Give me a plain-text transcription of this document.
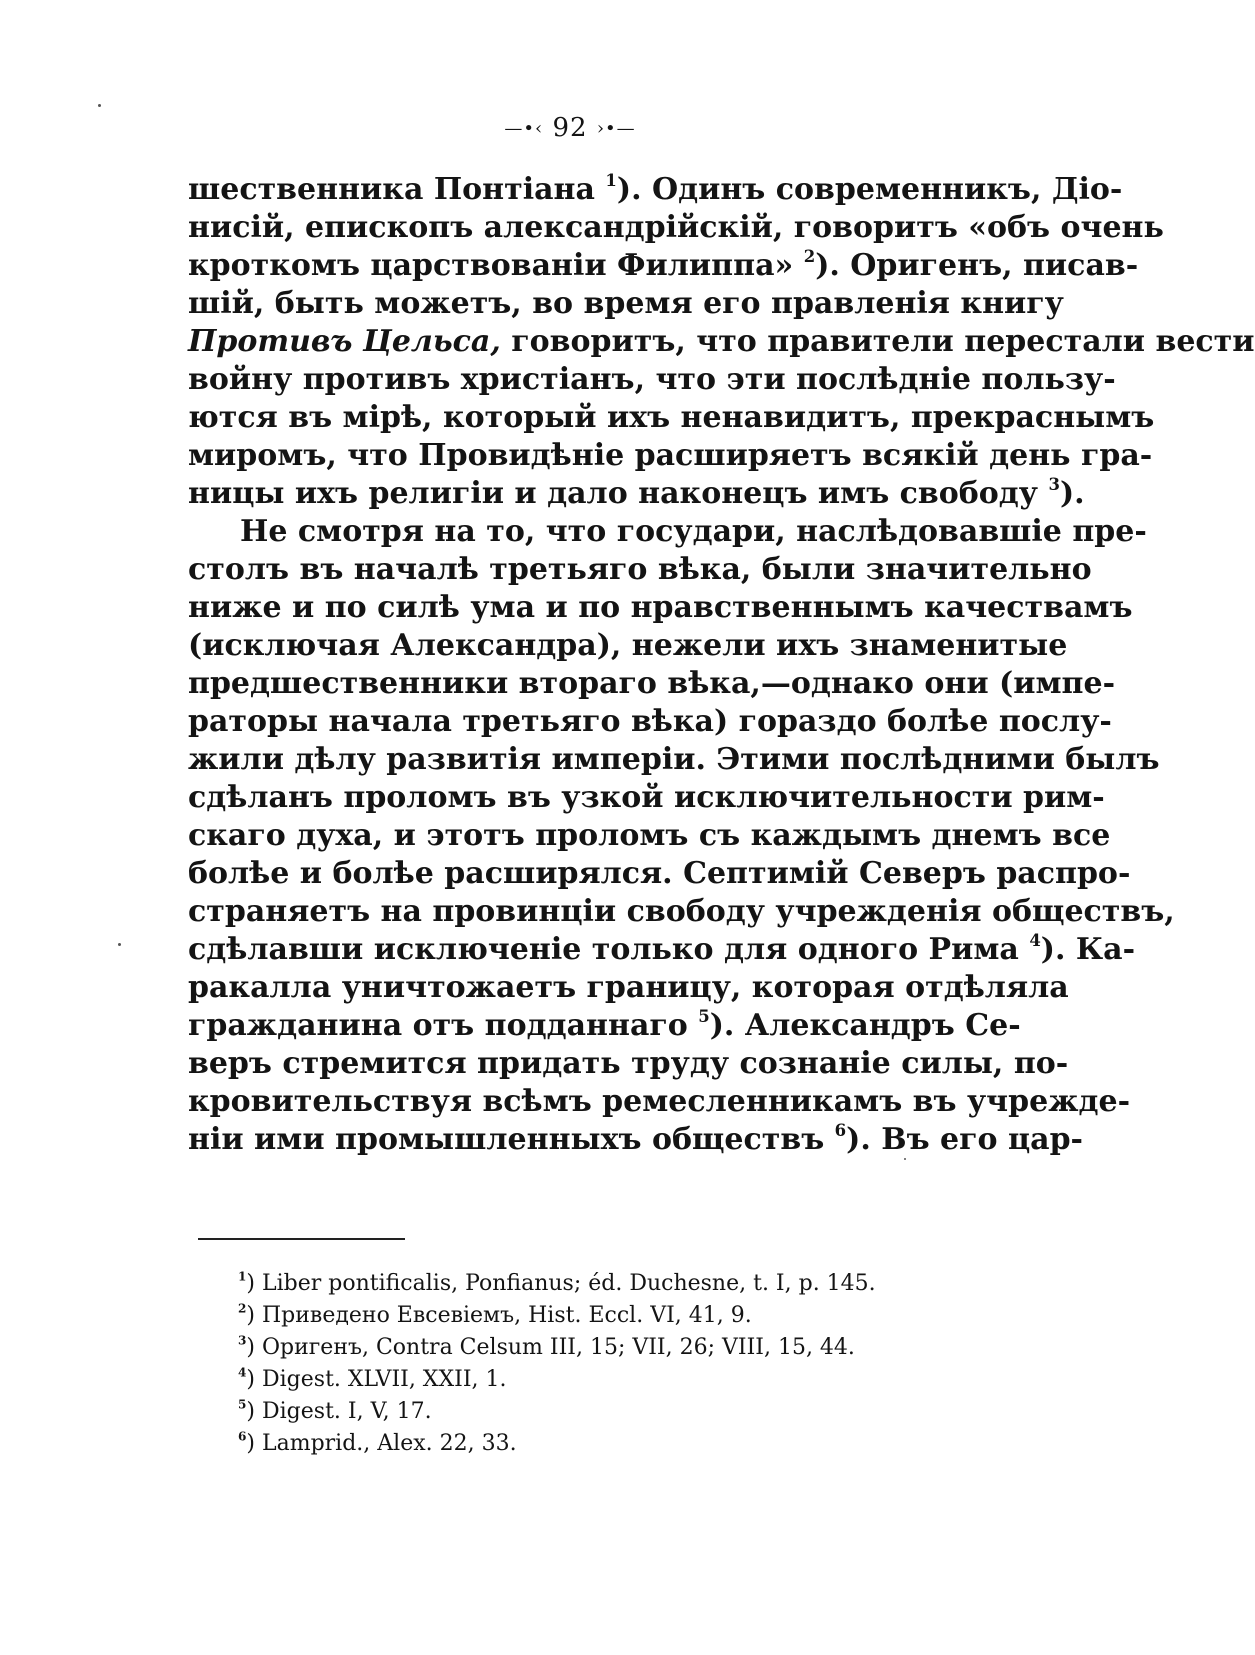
—•‹ 92 ›•—
шественника Понтiана $^1$). Одинъ современникъ, Дiо-
нисiй, епископъ александрiйскiй, говоритъ «объ очень
кроткомъ царствованiи Филиппа» $^2$). Оригенъ, писав-
шiй, быть можетъ, во время его правленiя книгу
Противъ Цельса, говоритъ, что правители перестали вести
войну противъ христiанъ, что эти послѣднiе пользу-
ются въ мiрѣ, который ихъ ненавидитъ, прекраснымъ
миромъ, что Провидѣнiе расширяетъ всякiй день гра-
ницы ихъ религiи и дало наконецъ имъ свободу $^3$).
Не смотря на то, что государи, наслѣдовавшiе пре-
столъ въ началѣ третьяго вѣка, были значительно
ниже и по силѣ ума и по нравственнымъ качествамъ
(исключая Александра), нежели ихъ знаменитые
предшественники втораго вѣка,—однако они (импе-
раторы начала третьяго вѣка) гораздо болѣе послу-
жили дѣлу развитiя имперiи. Этими послѣдними былъ
сдѣланъ проломъ въ узкой исключительности рим-
скаго духа, и этотъ проломъ съ каждымъ днемъ все
болѣе и болѣе расширялся. Септимiй Северъ распро-
страняетъ на провинцiи свободу учрежденiя обществъ,
сдѣлавши исключенiе только для одного Рима $^4$). Ка-
ракалла уничтожаетъ границу, которая отдѣляла
гражданина отъ подданнаго $^5$). Александръ Се-
веръ стремится придать труду сознанiе силы, по-
кровительствуя всѣмъ ремесленникамъ въ учрежде-
нiи ими промышленныхъ обществъ $^6$). Въ его цар-
$^1$) Liber pontificalis, Ponfianus; éd. Duchesne, t. I, p. 145.
$^2$) Приведено Евсевiемъ, Hist. Eccl. VI, 41, 9.
$^3$) Оригенъ, Contra Celsum III, 15; VII, 26; VIII, 15, 44.
$^4$) Digest. XLVII, XXII, 1.
$^5$) Digest. I, V, 17.
$^6$) Lamprid., Alex. 22, 33.
